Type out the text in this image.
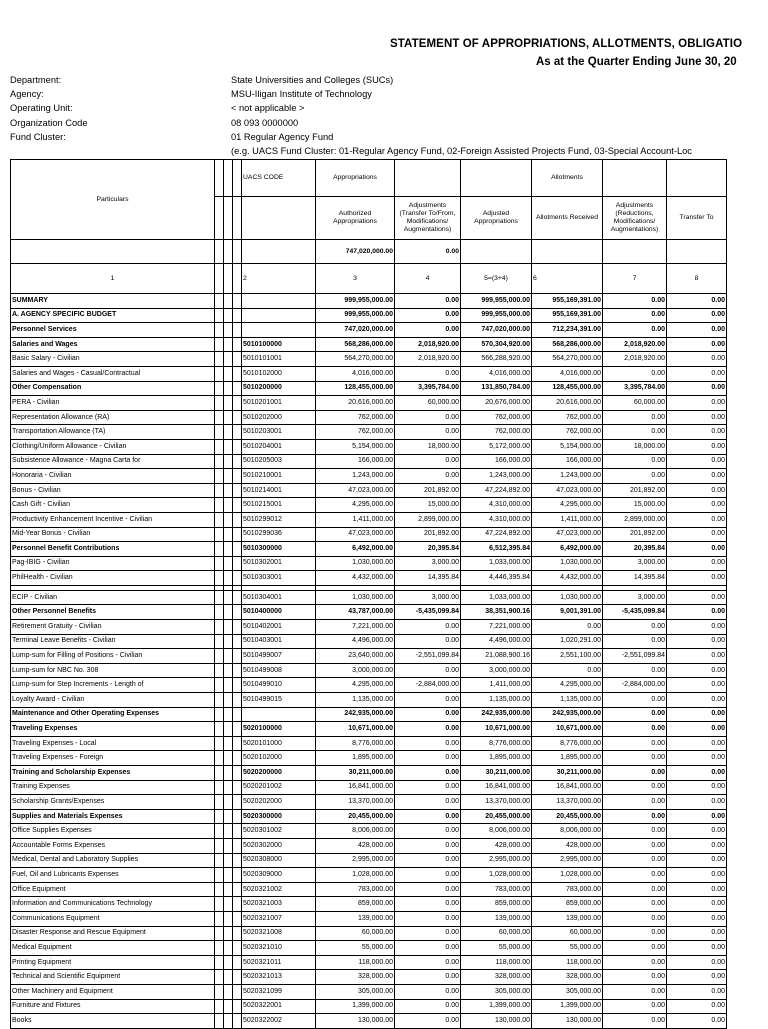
STATEMENT OF APPROPRIATIONS, ALLOTMENTS, OBLIGATIO
As at the Quarter Ending June 30, 20
Department:	State Universities and Colleges (SUCs)
Agency:	MSU-Iligan Institute of Technology
Operating Unit:	< not applicable >
Organization Code	08 093 0000000
Fund Cluster:	01 Regular Agency Fund
(e.g. UACS Fund Cluster: 01-Regular Agency Fund, 02-Foreign Assisted Projects Fund, 03-Special Account-Loc
Particulars				UACS CODE	Appropriations			Allotments		
					Authorized Appropriations	Adjustments (Transfer To/From, Modifications/ Augmentations)	Adjusted Appropriations	Allotments Received	Adjustments (Reductions, Modifications/ Augmentations)	Transfer To
					747,020,000.00	0.00				
1				2	3	4	5=(3+4)	6	7	8
SUMMARY					999,955,000.00	0.00	999,955,000.00	955,169,391.00	0.00	0.00
A. AGENCY SPECIFIC BUDGET					999,955,000.00	0.00	999,955,000.00	955,169,391.00	0.00	0.00
Personnel Services					747,020,000.00	0.00	747,020,000.00	712,234,391.00	0.00	0.00
Salaries and Wages				5010100000	568,286,000.00	2,018,920.00	570,304,920.00	568,286,000.00	2,018,920.00	0.00
Basic Salary - Civilian				5010101001	564,270,000.00	2,018,920.00	566,288,920.00	564,270,000.00	2,018,920.00	0.00
Salaries and Wages - Casual/Contractual				5010102000	4,016,000.00	0.00	4,016,000.00	4,016,000.00	0.00	0.00
Other Compensation				5010200000	128,455,000.00	3,395,784.00	131,850,784.00	128,455,000.00	3,395,784.00	0.00
PERA - Civilian				5010201001	20,616,000.00	60,000.00	20,676,000.00	20,616,000.00	60,000.00	0.00
Representation Allowance (RA)				5010202000	762,000.00	0.00	762,000.00	762,000.00	0.00	0.00
Transportation Allowance (TA)				5010203001	762,000.00	0.00	762,000.00	762,000.00	0.00	0.00
Clothing/Uniform Allowance - Civilian				5010204001	5,154,000.00	18,000.00	5,172,000.00	5,154,000.00	18,000.00	0.00
Subsistence Allowance - Magna Carta for				5010205003	166,000.00	0.00	166,000.00	166,000.00	0.00	0.00
Honoraria - Civilian				5010210001	1,243,000.00	0.00	1,243,000.00	1,243,000.00	0.00	0.00
Bonus - Civilian				5010214001	47,023,000.00	201,892.00	47,224,892.00	47,023,000.00	201,892.00	0.00
Cash Gift - Civilian				5010215001	4,295,000.00	15,000.00	4,310,000.00	4,295,000.00	15,000.00	0.00
Productivity Enhancement Incentive - Civilian				5010299012	1,411,000.00	2,899,000.00	4,310,000.00	1,411,000.00	2,899,000.00	0.00
Mid-Year Bonus - Civilian				5010299036	47,023,000.00	201,892.00	47,224,892.00	47,023,000.00	201,892.00	0.00
Personnel Benefit Contributions				5010300000	6,492,000.00	20,395.84	6,512,395.84	6,492,000.00	20,395.84	0.00
Pag-IBIG - Civilian				5010302001	1,030,000.00	3,000.00	1,033,000.00	1,030,000.00	3,000.00	0.00
PhilHealth - Civilian				5010303001	4,432,000.00	14,395.84	4,446,395.84	4,432,000.00	14,395.84	0.00

ECIP - Civilian				5010304001	1,030,000.00	3,000.00	1,033,000.00	1,030,000.00	3,000.00	0.00
Other Personnel Benefits				5010400000	43,787,000.00	-5,435,099.84	38,351,900.16	9,001,391.00	-5,435,099.84	0.00
Retirement Gratuity - Civilian				5010402001	7,221,000.00	0.00	7,221,000.00	0.00	0.00	0.00
Terminal Leave Benefits - Civilian				5010403001	4,496,000.00	0.00	4,496,000.00	1,020,291.00	0.00	0.00
Lump-sum for Filling of Positions - Civilian				5010499007	23,640,000.00	-2,551,099.84	21,088,900.16	2,551,100.00	-2,551,099.84	0.00
Lump-sum for NBC No. 308				5010499008	3,000,000.00	0.00	3,000,000.00	0.00	0.00	0.00
Lump-sum for Step Increments - Length of				5010499010	4,295,000.00	-2,884,000.00	1,411,000.00	4,295,000.00	-2,884,000.00	0.00
Loyalty Award - Civilian				5010499015	1,135,000.00	0.00	1,135,000.00	1,135,000.00	0.00	0.00
Maintenance and Other Operating Expenses					242,935,000.00	0.00	242,935,000.00	242,935,000.00	0.00	0.00
Traveling Expenses				5020100000	10,671,000.00	0.00	10,671,000.00	10,671,000.00	0.00	0.00
Traveling Expenses - Local				5020101000	8,776,000.00	0.00	8,776,000.00	8,776,000.00	0.00	0.00
Traveling Expenses - Foreign				5020102000	1,895,000.00	0.00	1,895,000.00	1,895,000.00	0.00	0.00
Training and Scholarship Expenses				5020200000	30,211,000.00	0.00	30,211,000.00	30,211,000.00	0.00	0.00
Training Expenses				5020201002	16,841,000.00	0.00	16,841,000.00	16,841,000.00	0.00	0.00
Scholarship Grants/Expenses				5020202000	13,370,000.00	0.00	13,370,000.00	13,370,000.00	0.00	0.00
Supplies and Materials Expenses				5020300000	20,455,000.00	0.00	20,455,000.00	20,455,000.00	0.00	0.00
Office Supplies Expenses				5020301002	8,006,000.00	0.00	8,006,000.00	8,006,000.00	0.00	0.00
Accountable Forms Expenses				5020302000	428,000.00	0.00	428,000.00	428,000.00	0.00	0.00
Medical, Dental and Laboratory Supplies				5020308000	2,995,000.00	0.00	2,995,000.00	2,995,000.00	0.00	0.00
Fuel, Oil and Lubricants Expenses				5020309000	1,028,000.00	0.00	1,028,000.00	1,028,000.00	0.00	0.00
Office Equipment				5020321002	783,000.00	0.00	783,000.00	783,000.00	0.00	0.00
Information and Communications Technology				5020321003	859,000.00	0.00	859,000.00	859,000.00	0.00	0.00
Communications Equipment				5020321007	139,000.00	0.00	139,000.00	139,000.00	0.00	0.00
Disaster Response and Rescue Equipment				5020321008	60,000.00	0.00	60,000.00	60,000.00	0.00	0.00
Medical Equipment				5020321010	55,000.00	0.00	55,000.00	55,000.00	0.00	0.00
Printing Equipment				5020321011	118,000.00	0.00	118,000.00	118,000.00	0.00	0.00
Technical and Scientific Equipment				5020321013	328,000.00	0.00	328,000.00	328,000.00	0.00	0.00
Other Machinery and Equipment				5020321099	305,000.00	0.00	305,000.00	305,000.00	0.00	0.00
Furniture and Fixtures				5020322001	1,399,000.00	0.00	1,399,000.00	1,399,000.00	0.00	0.00
Books				5020322002	130,000.00	0.00	130,000.00	130,000.00	0.00	0.00
